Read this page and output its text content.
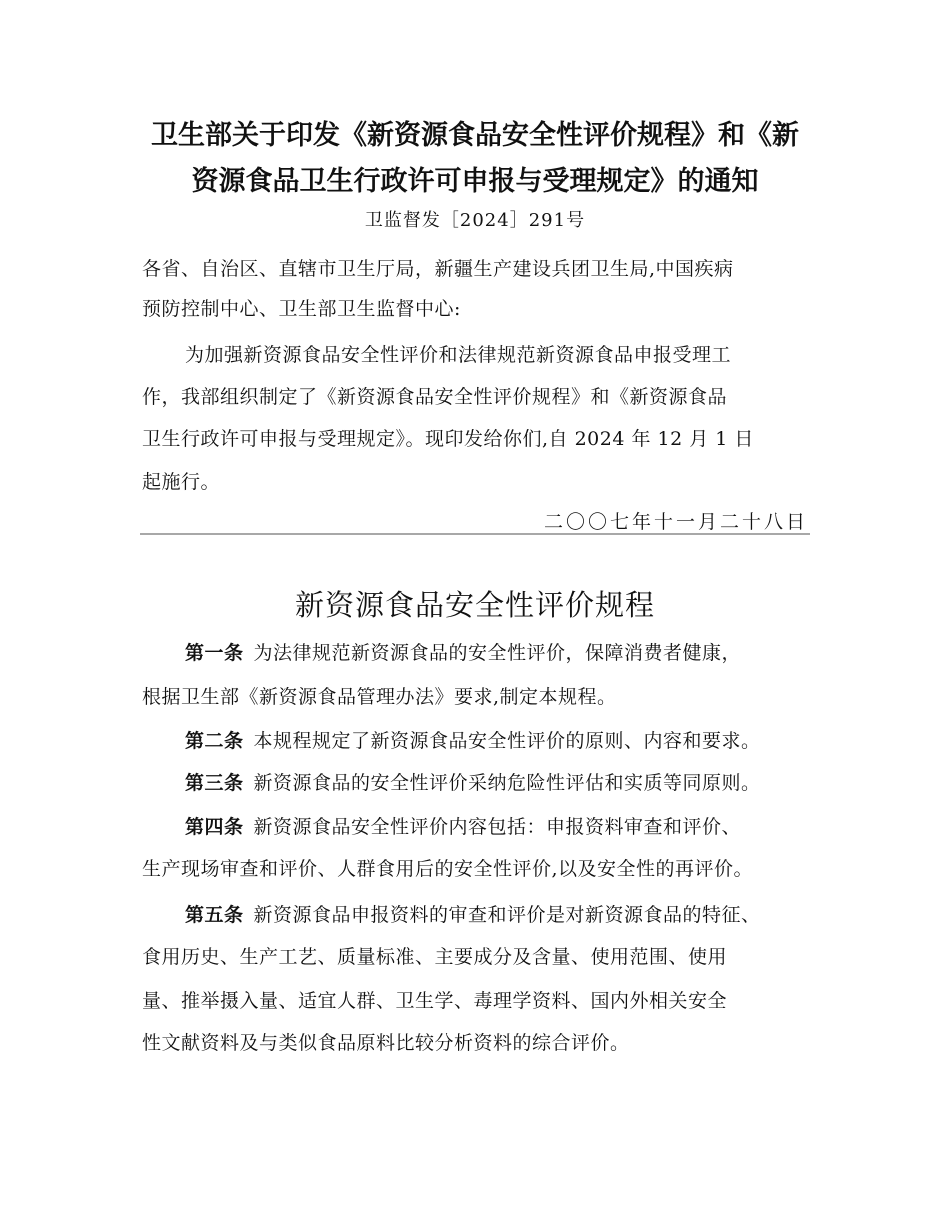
卫生部关于印发《新资源食品安全性评价规程》和《新
资源食品卫生行政许可申报与受理规定》的通知
卫监督发［2024］291号
各省、自治区、直辖市卫生厅局，新疆生产建设兵团卫生局,中国疾病
预防控制中心、卫生部卫生监督中心:
为加强新资源食品安全性评价和法律规范新资源食品申报受理工
作，我部组织制定了《新资源食品安全性评价规程》和《新资源食品
卫生行政许可申报与受理规定》。现印发给你们,自 2024 年 12 月 1 日
起施行。
二〇〇七年十一月二十八日
新资源食品安全性评价规程
第一条 为法律规范新资源食品的安全性评价，保障消费者健康，
根据卫生部《新资源食品管理办法》要求,制定本规程。
第二条 本规程规定了新资源食品安全性评价的原则、内容和要求。
第三条 新资源食品的安全性评价采纳危险性评估和实质等同原则。
第四条 新资源食品安全性评价内容包括：申报资料审查和评价、
生产现场审查和评价、人群食用后的安全性评价,以及安全性的再评价。
第五条 新资源食品申报资料的审查和评价是对新资源食品的特征、
食用历史、生产工艺、质量标准、主要成分及含量、使用范围、使用
量、推举摄入量、适宜人群、卫生学、毒理学资料、国内外相关安全
性文献资料及与类似食品原料比较分析资料的综合评价。
